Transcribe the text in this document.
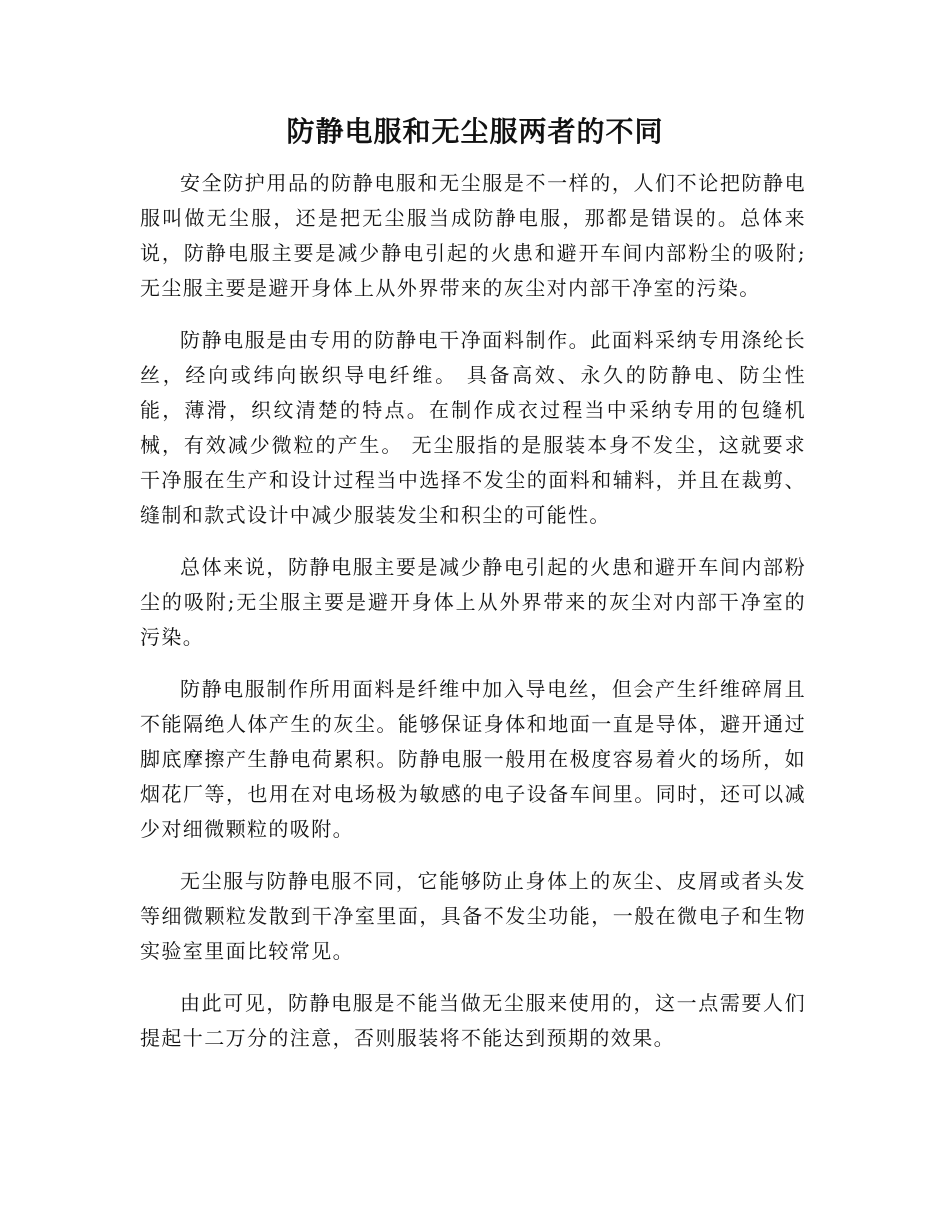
防静电服和无尘服两者的不同

安全防护用品的防静电服和无尘服是不一样的，人们不论把防静电服叫做无尘服，还是把无尘服当成防静电服，那都是错误的。总体来说，防静电服主要是减少静电引起的火患和避开车间内部粉尘的吸附;无尘服主要是避开身体上从外界带来的灰尘对内部干净室的污染。

防静电服是由专用的防静电干净面料制作。此面料采纳专用涤纶长丝，经向或纬向嵌织导电纤维。 具备高效、永久的防静电、防尘性能，薄滑，织纹清楚的特点。在制作成衣过程当中采纳专用的包缝机械，有效减少微粒的产生。 无尘服指的是服装本身不发尘，这就要求干净服在生产和设计过程当中选择不发尘的面料和辅料，并且在裁剪、缝制和款式设计中减少服装发尘和积尘的可能性。

总体来说，防静电服主要是减少静电引起的火患和避开车间内部粉尘的吸附;无尘服主要是避开身体上从外界带来的灰尘对内部干净室的污染。

防静电服制作所用面料是纤维中加入导电丝，但会产生纤维碎屑且不能隔绝人体产生的灰尘。能够保证身体和地面一直是导体，避开通过脚底摩擦产生静电荷累积。防静电服一般用在极度容易着火的场所，如烟花厂等，也用在对电场极为敏感的电子设备车间里。同时，还可以减少对细微颗粒的吸附。

无尘服与防静电服不同，它能够防止身体上的灰尘、皮屑或者头发等细微颗粒发散到干净室里面，具备不发尘功能，一般在微电子和生物实验室里面比较常见。

由此可见，防静电服是不能当做无尘服来使用的，这一点需要人们提起十二万分的注意，否则服装将不能达到预期的效果。
